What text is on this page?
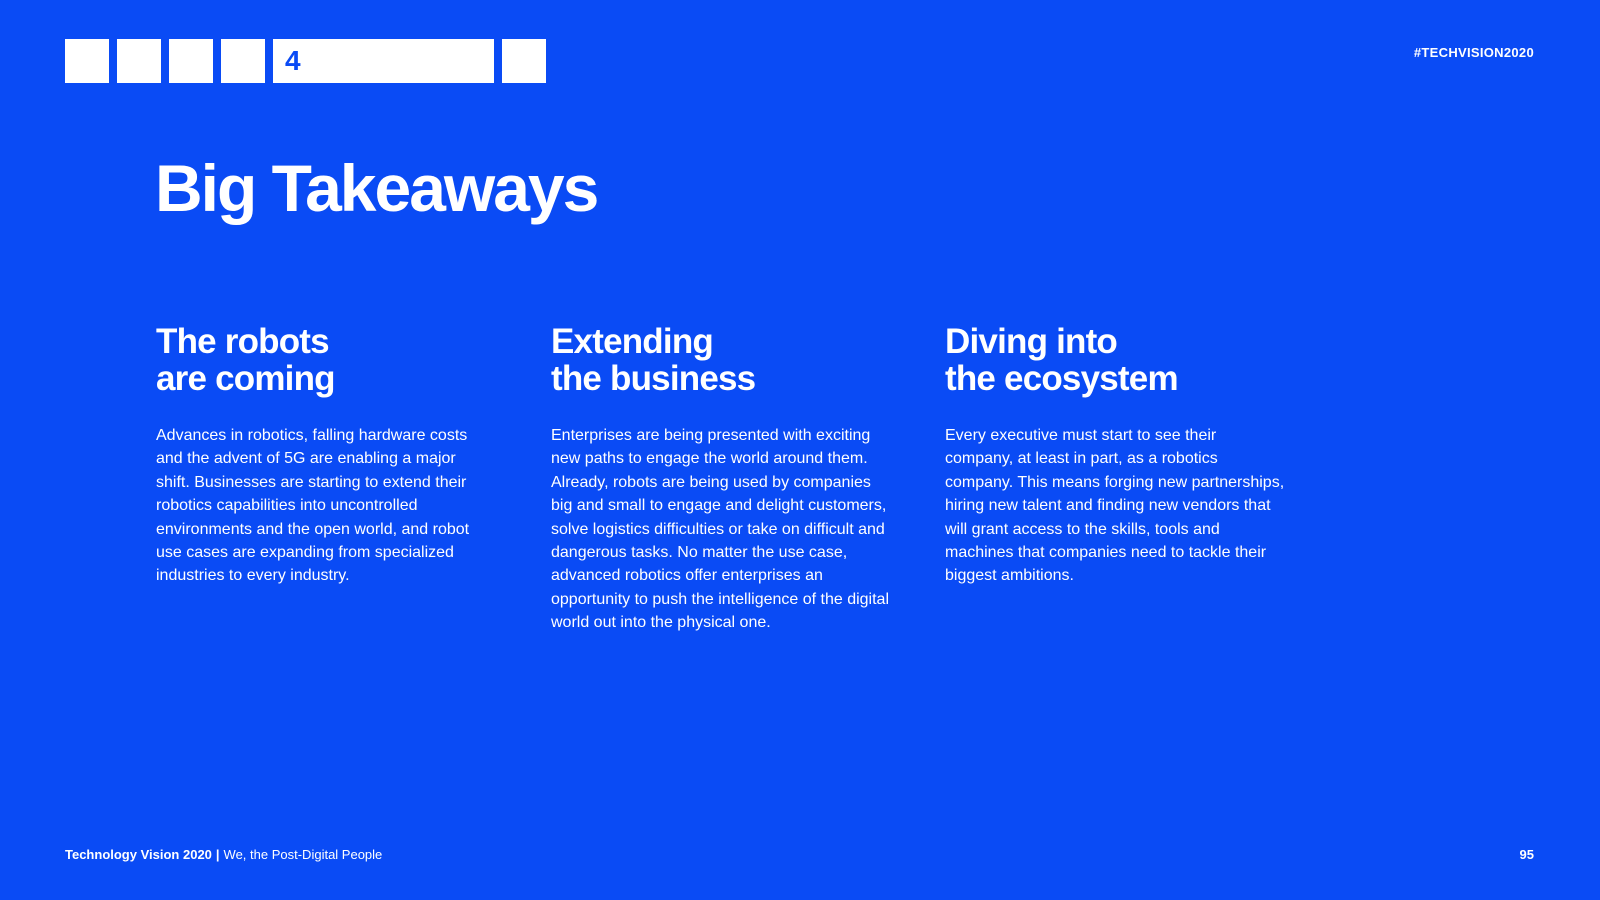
4	#TECHVISION2020
Big Takeaways
The robots
are coming

Advances in robotics, falling hardware costs and the advent of 5G are enabling a major shift. Businesses are starting to extend their robotics capabilities into uncontrolled environments and the open world, and robot use cases are expanding from specialized industries to every industry.

Extending
the business

Enterprises are being presented with exciting new paths to engage the world around them. Already, robots are being used by companies big and small to engage and delight customers, solve logistics difficulties or take on difficult and dangerous tasks. No matter the use case, advanced robotics offer enterprises an opportunity to push the intelligence of the digital world out into the physical one.

Diving into
the ecosystem

Every executive must start to see their company, at least in part, as a robotics company. This means forging new partnerships, hiring new talent and finding new vendors that will grant access to the skills, tools and machines that companies need to tackle their biggest ambitions.

Technology Vision 2020 | We, the Post-Digital People	95
